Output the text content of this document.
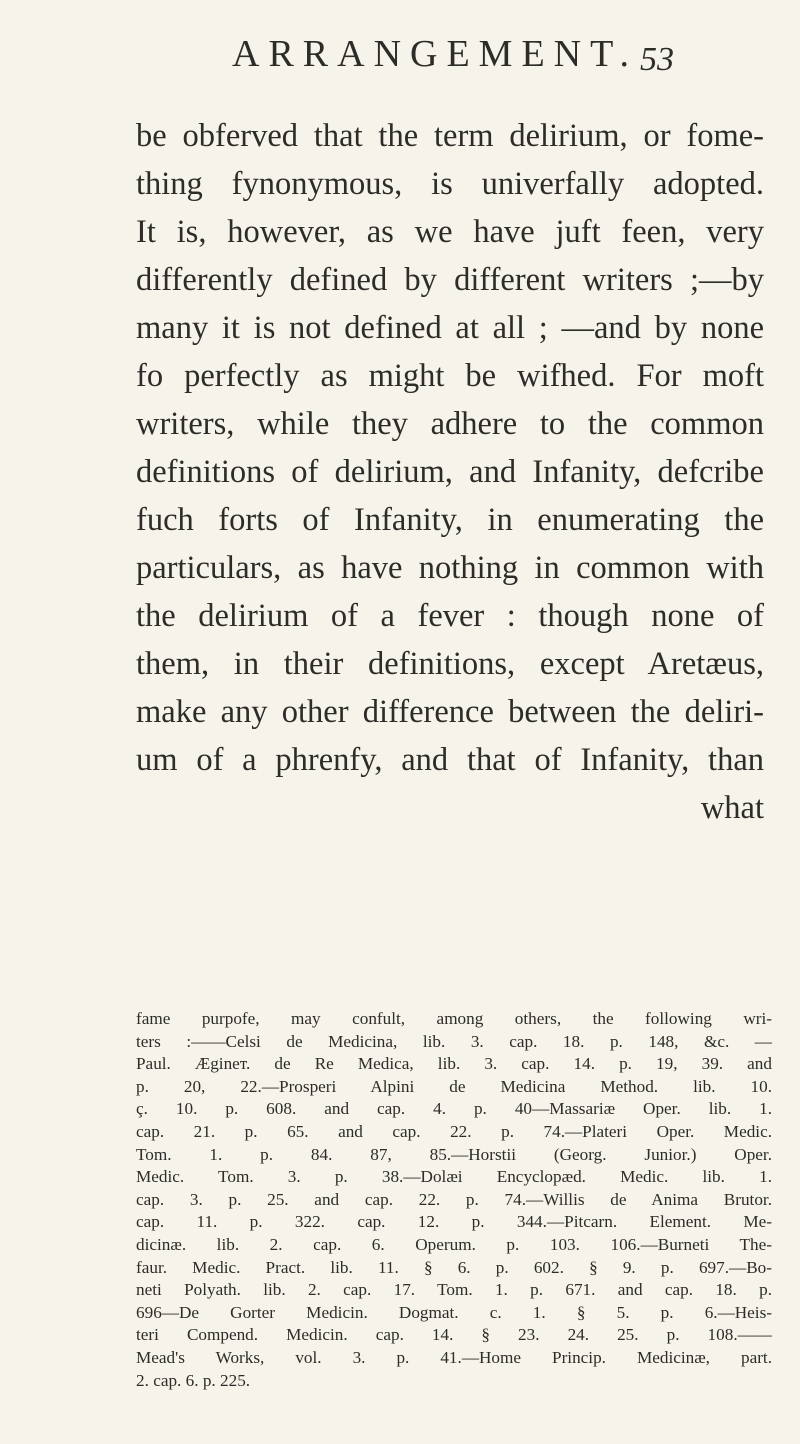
ARRANGEMENT. 53
be obferved that the term delirium, or fome-
thing fynonymous, is univerfally adopted.
It is, however, as we have juft feen, very
differently defined by different writers ;—by
many it is not defined at all ; —and by none
fo perfectly as might be wifhed. For moft
writers, while they adhere to the common
definitions of delirium, and Infanity, defcribe
fuch forts of Infanity, in enumerating the
particulars, as have nothing in common with
the delirium of a fever : though none of
them, in their definitions, except Aretæus,
make any other difference between the deliri-
um of a phrenfy, and that of Infanity, than
what
fame purpofe, may confult, among others, the following wri-
ters :——Celsi de Medicina, lib. 3. cap. 18. p. 148, &c. —
Paul. Ægineт. de Re Medica, lib. 3. cap. 14. p. 19, 39. and
p. 20, 22.—Prosperi Alpini de Medicina Method. lib. 10.
ç. 10. p. 608. and cap. 4. p. 40—Massariæ Oper. lib. 1.
cap. 21. p. 65. and cap. 22. p. 74.—Plateri Oper. Medic.
Tom. 1. p. 84. 87, 85.—Horstii (Georg. Junior.) Oper.
Medic. Tom. 3. p. 38.—Dolæi Encyclopæd. Medic. lib. 1.
cap. 3. p. 25. and cap. 22. p. 74.—Willis de Anima Brutor.
cap. 11. p. 322. cap. 12. p. 344.—Pitcarn. Element. Me-
dicinæ. lib. 2. cap. 6. Operum. p. 103. 106.—Burneti The-
faur. Medic. Pract. lib. 11. § 6. p. 602. § 9. p. 697.—Bo-
neti Polyath. lib. 2. cap. 17. Tom. 1. p. 671. and cap. 18. p.
696—De Gorter Medicin. Dogmat. c. 1. § 5. p. 6.—Heis-
teri Compend. Medicin. cap. 14. § 23. 24. 25. p. 108.——
Mead's Works, vol. 3. p. 41.—Home Princip. Medicinæ, part.
2. cap. 6. p. 225.
